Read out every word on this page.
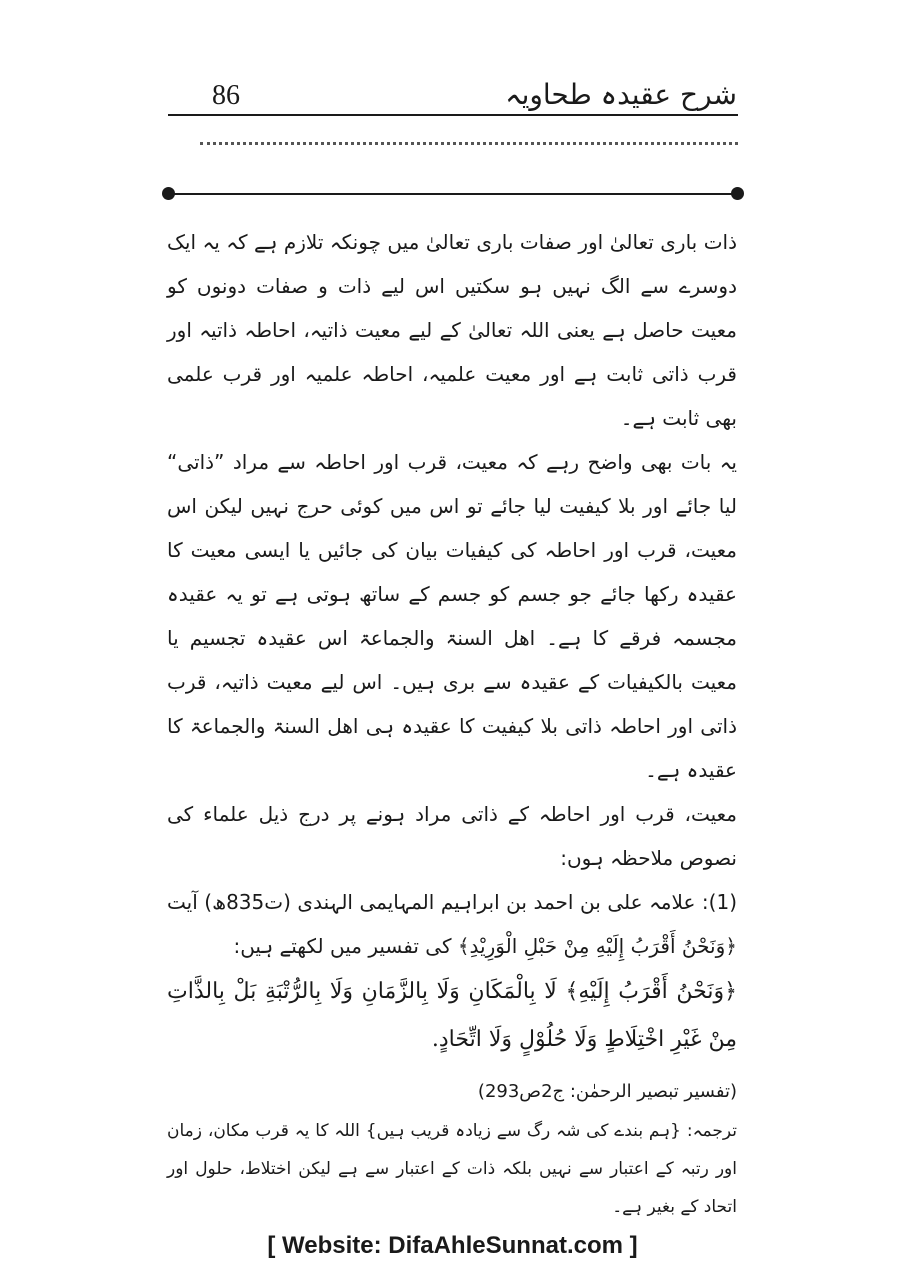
شرح عقیدہ طحاویہ
86

ذات باری تعالیٰ اور صفات باری تعالیٰ میں چونکہ تلازم ہے کہ یہ ایک دوسرے سے الگ نہیں ہو سکتیں اس لیے ذات و صفات دونوں کو معیت حاصل ہے یعنی اللہ تعالیٰ کے لیے معیت ذاتیہ، احاطہ ذاتیہ اور قرب ذاتی ثابت ہے اور معیت علمیہ، احاطہ علمیہ اور قرب علمی بھی ثابت ہے۔

یہ بات بھی واضح رہے کہ معیت، قرب اور احاطہ سے مراد ”ذاتی“ لیا جائے اور بلا کیفیت لیا جائے تو اس میں کوئی حرج نہیں لیکن اس معیت، قرب اور احاطہ کی کیفیات بیان کی جائیں یا ایسی معیت کا عقیدہ رکھا جائے جو جسم کو جسم کے ساتھ ہوتی ہے تو یہ عقیدہ مجسمہ فرقے کا ہے۔ اھل السنۃ والجماعۃ اس عقیدہ تجسیم یا معیت بالکیفیات کے عقیدہ سے بری ہیں۔ اس لیے معیت ذاتیہ، قرب ذاتی اور احاطہ ذاتی بلا کیفیت کا عقیدہ ہی اھل السنۃ والجماعۃ کا عقیدہ ہے۔

معیت، قرب اور احاطہ کے ذاتی مراد ہونے پر درج ذیل علماء کی نصوص ملاحظہ ہوں:

(1): علامہ علی بن احمد بن ابراہیم المہایمی الہندی (ت835ھ) آیت ﴿وَنَحْنُ أَقْرَبُ إِلَيْهِ مِنْ حَبْلِ الْوَرِيْدِ﴾ کی تفسیر میں لکھتے ہیں:

﴿وَنَحْنُ أَقْرَبُ إِلَيْهِ﴾ لَا بِالْمَكَانِ وَلَا بِالزَّمَانِ وَلَا بِالرُّتْبَةِ بَلْ بِالذَّاتِ مِنْ غَيْرِ اخْتِلَاطٍ وَلَا حُلُوْلٍ وَلَا اتِّحَادٍ.

(تفسیر تبصیر الرحمٰن: ج2ص293)

ترجمہ: {ہم بندے کی شہ رگ سے زیادہ قریب ہیں} اللہ کا یہ قرب مکان، زمان اور رتبہ کے اعتبار سے نہیں بلکہ ذات کے اعتبار سے ہے لیکن اختلاط، حلول اور اتحاد کے بغیر ہے۔

[ Website: DifaAhleSunnat.com ]
